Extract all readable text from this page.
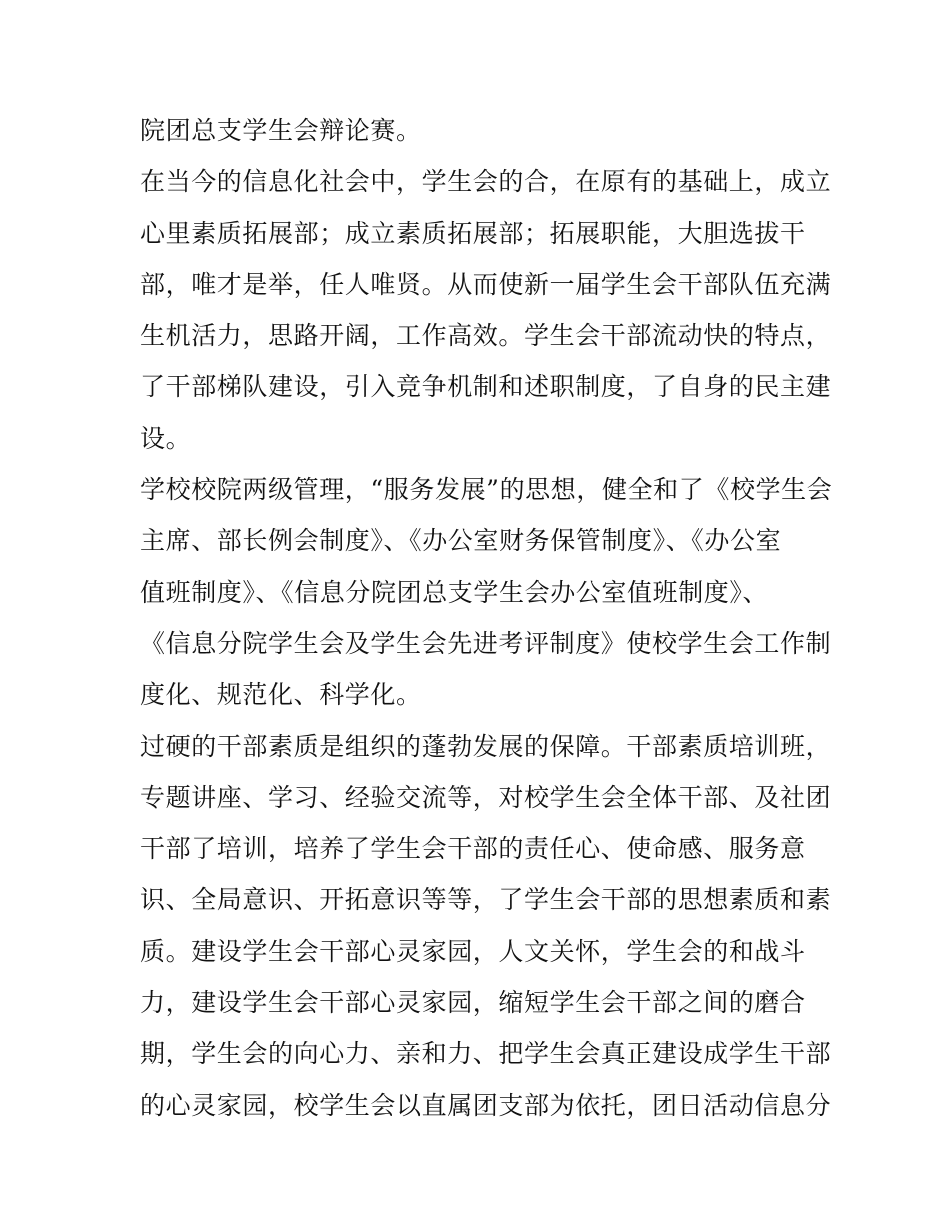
院团总支学生会辩论赛。

在当今的信息化社会中，学生会的合，在原有的基础上，成立
心里素质拓展部；成立素质拓展部；拓展职能，大胆选拔干
部，唯才是举，任人唯贤。从而使新一届学生会干部队伍充满
生机活力，思路开阔，工作高效。学生会干部流动快的特点，
了干部梯队建设，引入竞争机制和述职制度，了自身的民主建
设。

学校校院两级管理，“服务发展”的思想，健全和了《校学生会
主席、部长例会制度》、《办公室财务保管制度》、《办公室
值班制度》、《信息分院团总支学生会办公室值班制度》、
《信息分院学生会及学生会先进考评制度》使校学生会工作制
度化、规范化、科学化。

过硬的干部素质是组织的蓬勃发展的保障。干部素质培训班，
专题讲座、学习、经验交流等，对校学生会全体干部、及社团
干部了培训，培养了学生会干部的责任心、使命感、服务意
识、全局意识、开拓意识等等，了学生会干部的思想素质和素
质。建设学生会干部心灵家园，人文关怀，学生会的和战斗
力，建设学生会干部心灵家园，缩短学生会干部之间的磨合
期，学生会的向心力、亲和力、把学生会真正建设成学生干部
的心灵家园，校学生会以直属团支部为依托，团日活动信息分
